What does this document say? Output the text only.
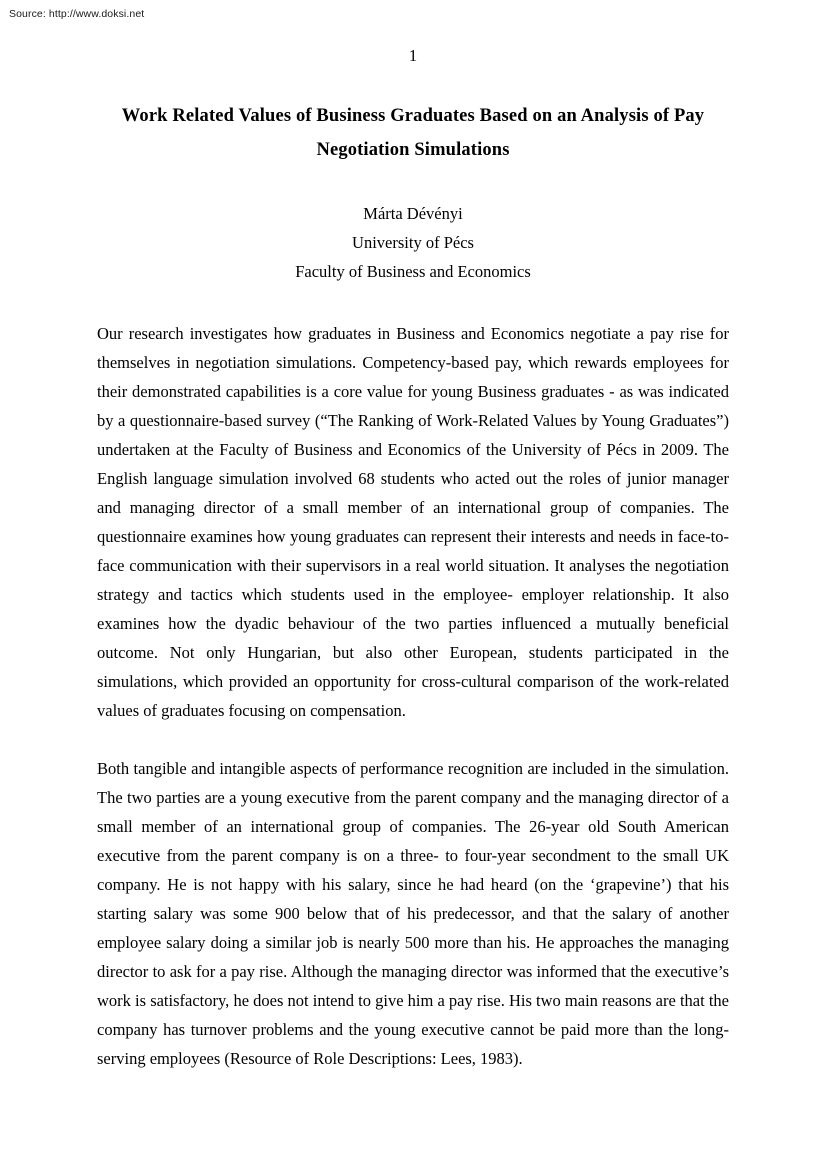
Source: http://www.doksi.net
1
Work Related Values of Business Graduates Based on an Analysis of Pay Negotiation Simulations
Márta Dévényi
University of Pécs
Faculty of Business and Economics

Our research investigates how graduates in Business and Economics negotiate a pay rise for themselves in negotiation simulations. Competency-based pay, which rewards employees for their demonstrated capabilities is a core value for young Business graduates - as was indicated by a questionnaire-based survey (“The Ranking of Work-Related Values by Young Graduates”) undertaken at the Faculty of Business and Economics of the University of Pécs in 2009. The English language simulation involved 68 students who acted out the roles of junior manager and managing director of a small member of an international group of companies. The questionnaire examines how young graduates can represent their interests and needs in face-to-face communication with their supervisors in a real world situation. It analyses the negotiation strategy and tactics which students used in the employee- employer relationship. It also examines how the dyadic behaviour of the two parties influenced a mutually beneficial outcome. Not only Hungarian, but also other European, students participated in the simulations, which provided an opportunity for cross-cultural comparison of the work-related values of graduates focusing on compensation.

Both tangible and intangible aspects of performance recognition are included in the simulation. The two parties are a young executive from the parent company and the managing director of a small member of an international group of companies. The 26-year old South American executive from the parent company is on a three- to four-year secondment to the small UK company. He is not happy with his salary, since he had heard (on the ‘grapevine’) that his starting salary was some 900 below that of his predecessor, and that the salary of another employee salary doing a similar job is nearly 500 more than his. He approaches the managing director to ask for a pay rise. Although the managing director was informed that the executive’s work is satisfactory, he does not intend to give him a pay rise. His two main reasons are that the company has turnover problems and the young executive cannot be paid more than the long-serving employees (Resource of Role Descriptions: Lees, 1983).
